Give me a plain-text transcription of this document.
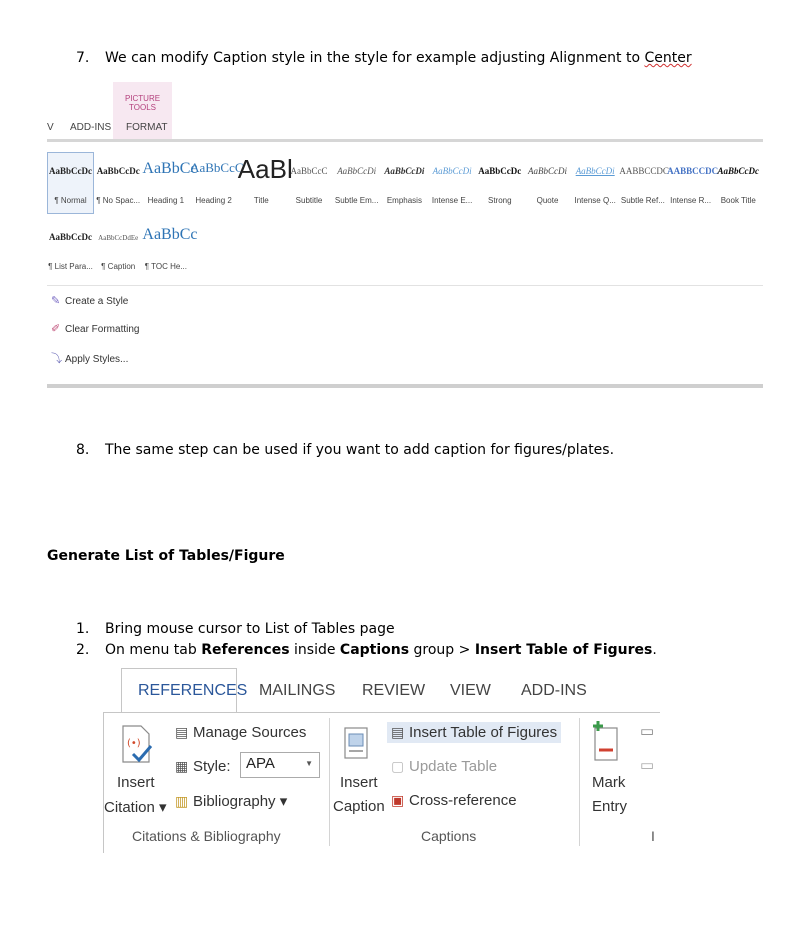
7. We can modify Caption style in the style for example adjusting Alignment to Center
PICTURE TOOLS
V ADD-INS FORMAT
AaBbCcDc
¶ Normal
AaBbCcDc
¶ No Spac...
AaBbCc
Heading 1
AaBbCcC
Heading 2
AaBl
Title
AaBbCcC
Subtitle
AaBbCcDi
Subtle Em...
AaBbCcDi
Emphasis
AaBbCcDi
Intense E...
AaBbCcDc
Strong
AaBbCcDi
Quote
AaBbCcDi
Intense Q...
AABBCCDC
Subtle Ref...
AABBCCDC
Intense R...
AaBbCcDc
Book Title
AaBbCcDc
¶ List Para...
AaBbCcDdEe
¶ Caption
AaBbCc
¶ TOC He...
✎ Create a Style
✐ Clear Formatting
⤵ Apply Styles...
8. The same step can be used if you want to add caption for figures/plates.
Generate List of Tables/Figure
1. Bring mouse cursor to List of Tables page
2. On menu tab References inside Captions group > Insert Table of Figures.
REFERENCES MAILINGS REVIEW VIEW ADD-INS
(•)
Insert
Citation ▾
▤ Manage Sources
▦ Style: APA	▼
▥ Bibliography ▾
Citations & Bibliography
Insert
Caption
▤ Insert Table of Figures
▢ Update Table
▣ Cross-reference
Captions
Mark
Entry
▭
▭
I
